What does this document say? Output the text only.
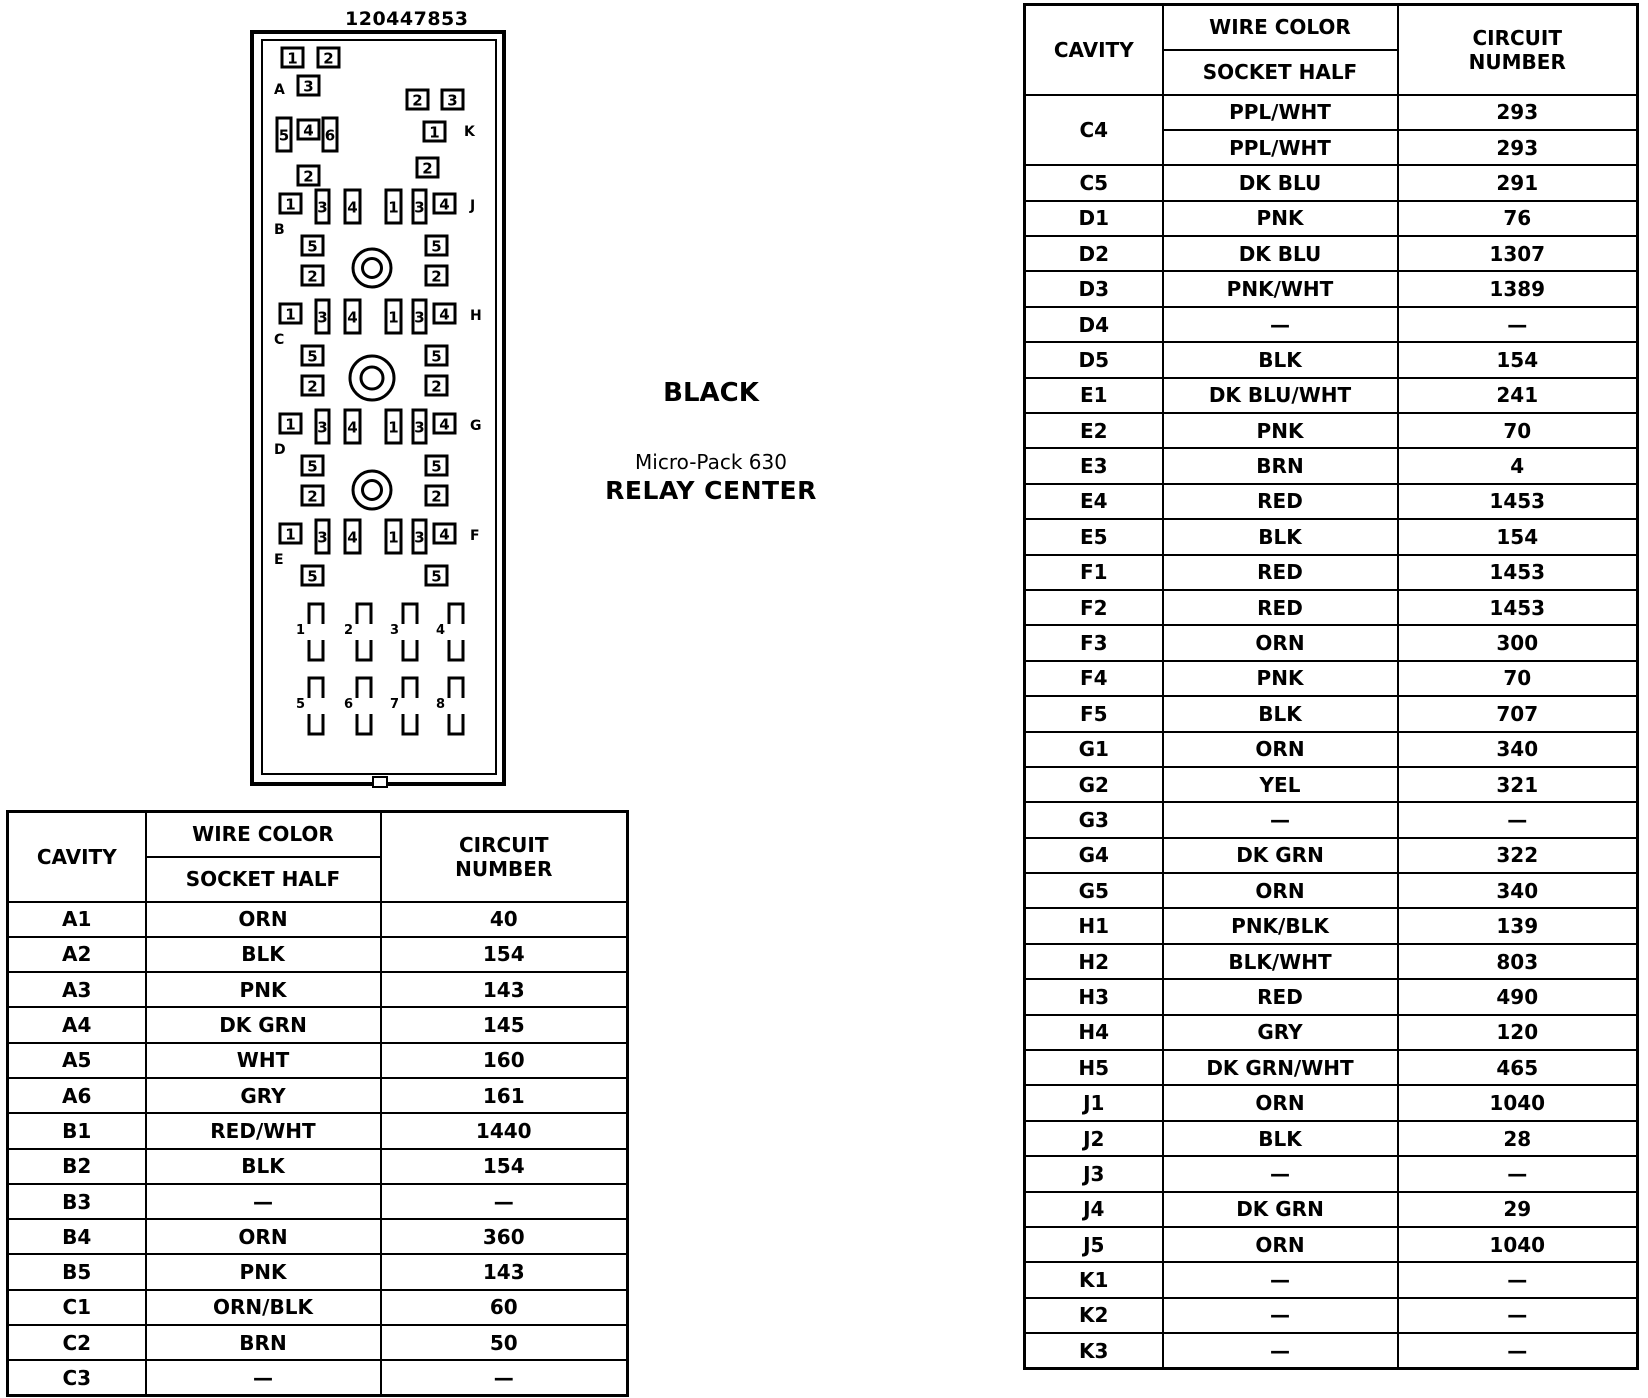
120447853
1 2
3
A
5 4 6
2 3
1 K
2
2
1 3 4 1 3 4
B
J
5	5
2	2
1 3 4 1 3 4
C
H
5	5
2	2
1 3 4 1 3 4
D
G
5	5
2	2
1 3 4 1 3 4
E
F
5	5
1	2	3	4
5	6	7	8
BLACK
Micro-Pack 630
RELAY CENTER
CAVITY	WIRE COLOR	CIRCUIT
NUMBER
	SOCKET HALF	
A1	ORN	40
A2	BLK	154
A3	PNK	143
A4	DK GRN	145
A5	WHT	160
A6	GRY	161
B1	RED/WHT	1440
B2	BLK	154
B3	—	—
B4	ORN	360
B5	PNK	143
C1	ORN/BLK	60
C2	BRN	50
C3	—	—
CAVITY	WIRE COLOR	CIRCUIT
NUMBER
	SOCKET HALF	
C4	PPL/WHT	293
	PPL/WHT	293
C5	DK BLU	291
D1	PNK	76
D2	DK BLU	1307
D3	PNK/WHT	1389
D4	—	—
D5	BLK	154
E1	DK BLU/WHT	241
E2	PNK	70
E3	BRN	4
E4	RED	1453
E5	BLK	154
F1	RED	1453
F2	RED	1453
F3	ORN	300
F4	PNK	70
F5	BLK	707
G1	ORN	340
G2	YEL	321
G3	—	—
G4	DK GRN	322
G5	ORN	340
H1	PNK/BLK	139
H2	BLK/WHT	803
H3	RED	490
H4	GRY	120
H5	DK GRN/WHT	465
J1	ORN	1040
J2	BLK	28
J3	—	—
J4	DK GRN	29
J5	ORN	1040
K1	—	—
K2	—	—
K3	—	—
